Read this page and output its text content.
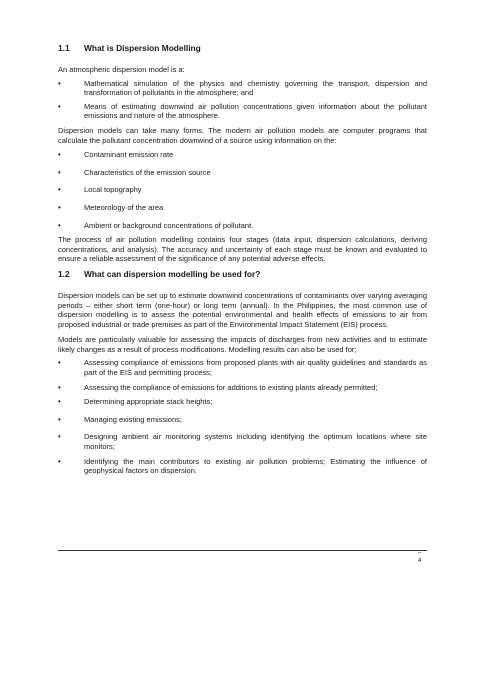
1.1	What is Dispersion Modelling

An atmospheric dispersion model is a:

•	Mathematical simulation of the physics and chemistry governing the transport, dispersion and transformation of pollutants in the atmosphere; and
•	Means of estimating downwind air pollution concentrations given information about the pollutant emissions and nature of the atmosphere.

Dispersion models can take many forms. The modern air pollution models are computer programs that calculate the pollutant concentration downwind of a source using information on the:

•	Contaminant emission rate
•	Characteristics of the emission source
•	Local topography
•	Meteorology of the area
•	Ambient or background concentrations of pollutant.

The process of air pollution modelling contains four stages (data input, dispersion calculations, deriving concentrations, and analysis). The accuracy and uncertainty of each stage must be known and evaluated to ensure a reliable assessment of the significance of any potential adverse effects.

1.2	What can dispersion modelling be used for?

Dispersion models can be set up to estimate downwind concentrations of contaminants over varying averaging periods – either short term (one-hour) or long term (annual). In the Philippines, the most common use of dispersion modelling is to assess the potential environmental and health effects of emissions to air from proposed industrial or trade premises as part of the Environmental Impact Statement (EIS) process.

Models are particularly valuable for assessing the impacts of discharges from new activities and to estimate likely changes as a result of process modifications. Modelling results can also be used for;

•	Assessing compliance of emissions from proposed plants with air quality guidelines and standards as part of the EIS and permitting process;
•	Assessing the compliance of emissions for additions to existing plants already permitted;
•	Determining appropriate stack heights;
•	Managing existing emissions;
•	Designing ambient air monitoring systems including identifying the optimum locations where site monitors;
•	Identifying the main contributors to existing air pollution problems; Estimating the influence of geophysical factors on dispersion.
–
4
